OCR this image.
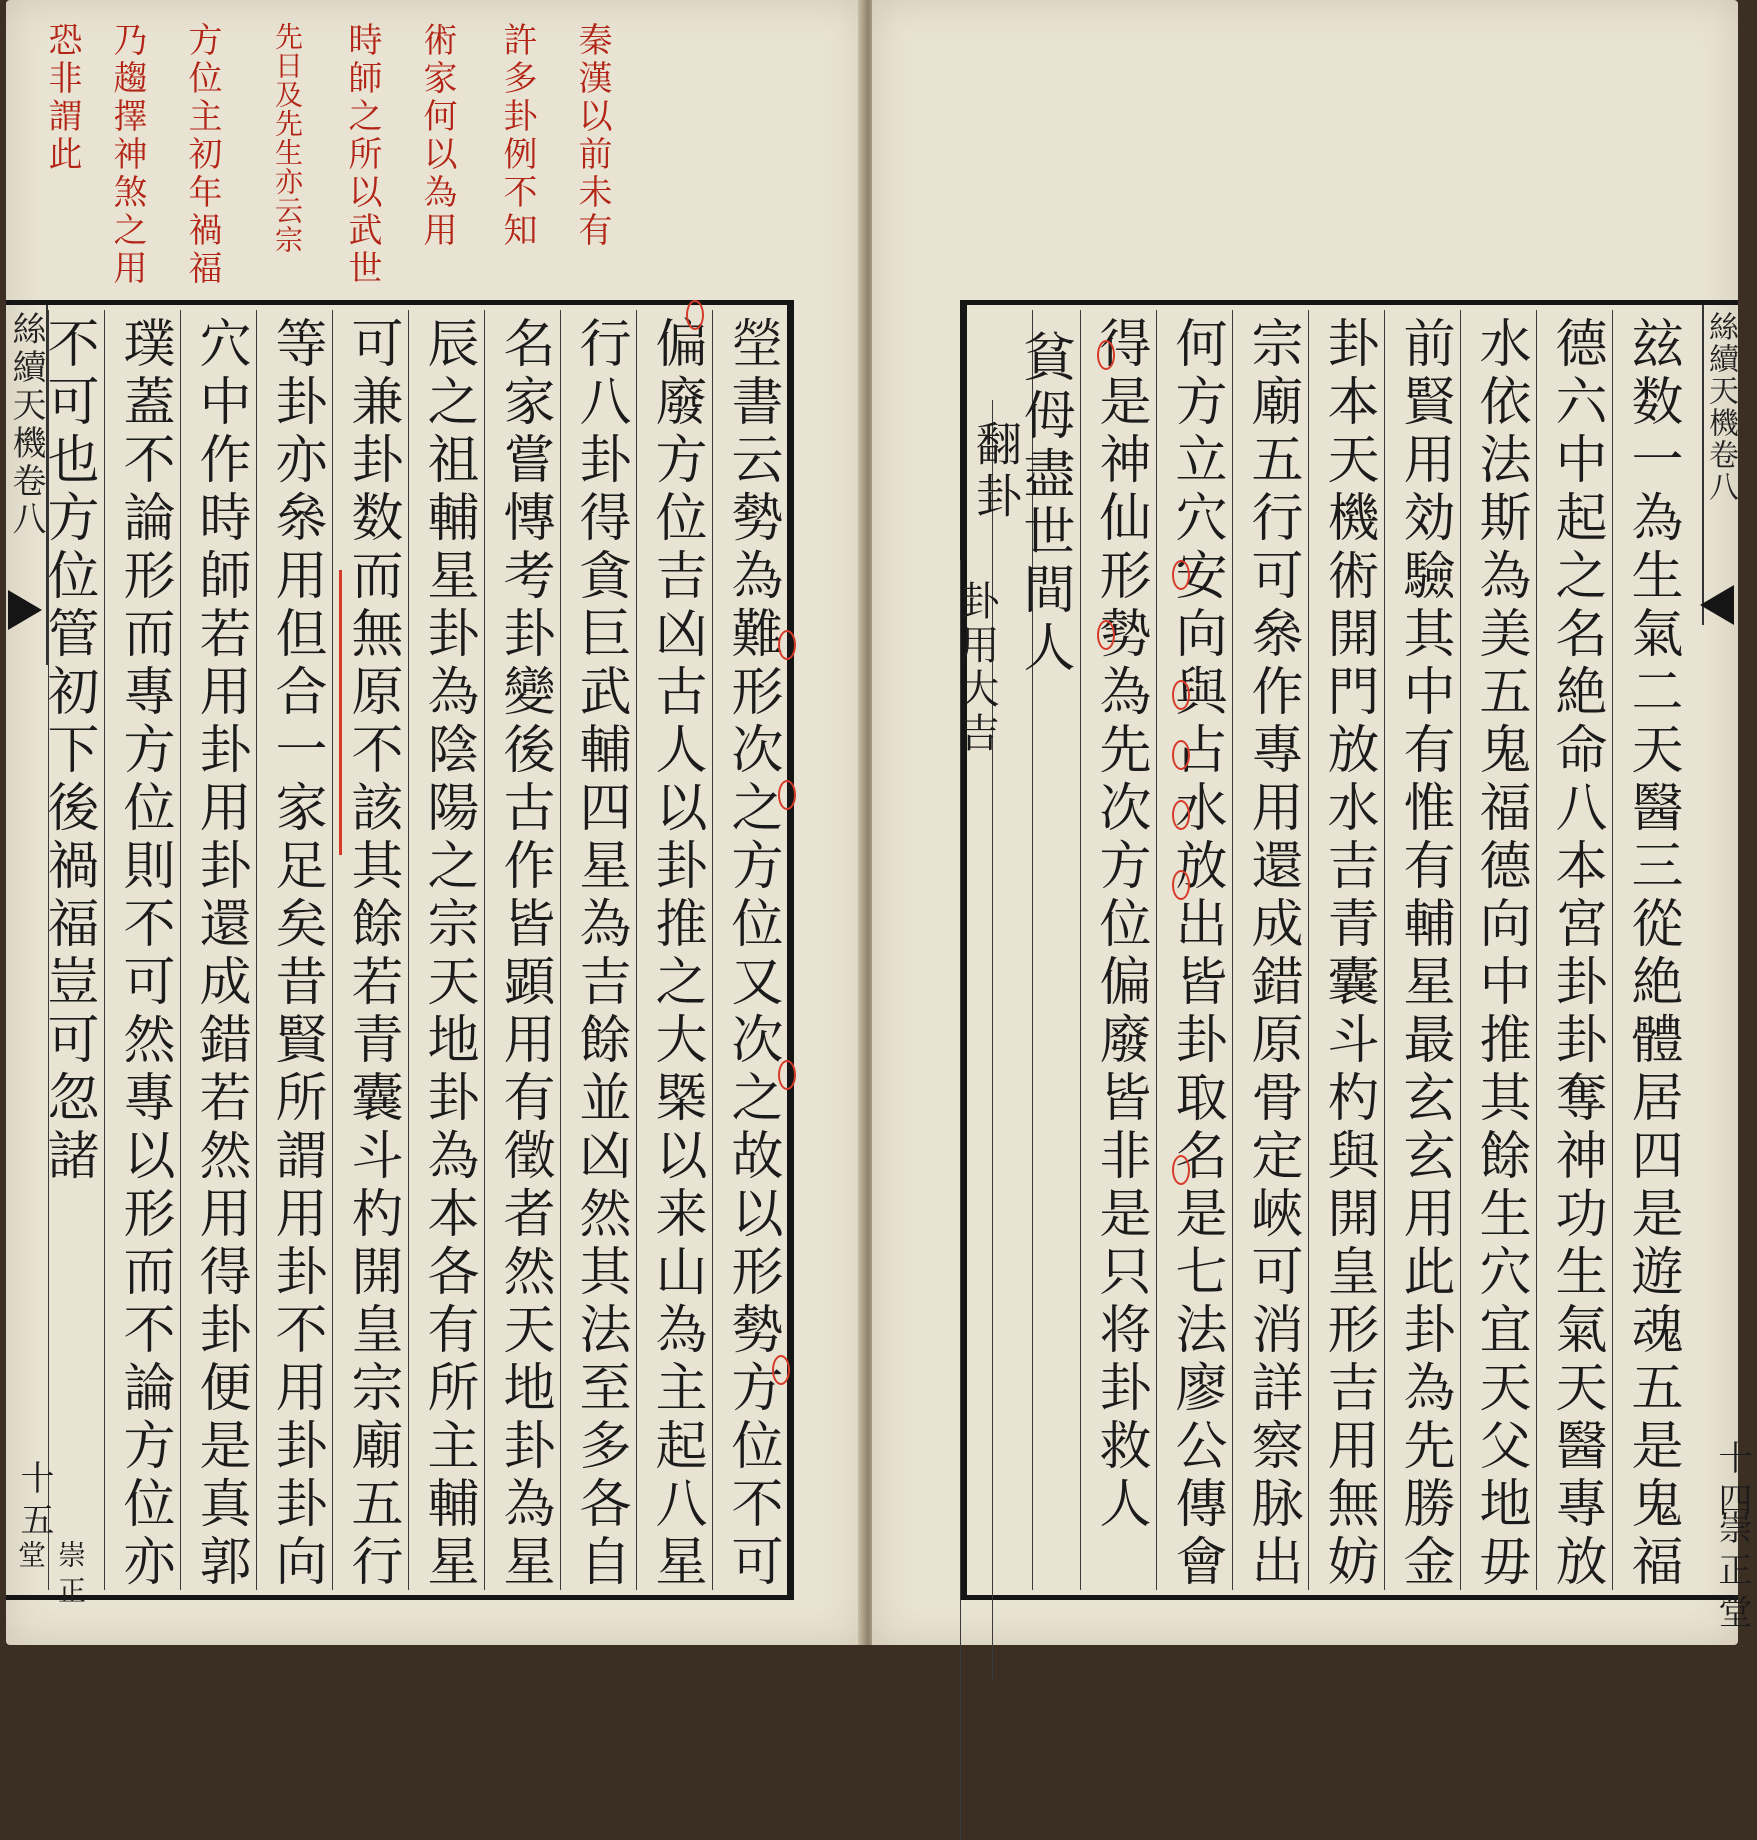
秦漢以前未有
許多卦例不知
術家何以為用
時師之所以武世
先日及先生亦云宗
方位主初年禍福
乃趨擇神煞之用
恐非謂此
絲續天機卷八	塋書云勢為難形次之方位又次之故以形勢方位不可
偏廢方位吉凶古人以卦推之大槩以来山為主起八星
行八卦得貪巨武輔四星為吉餘並凶然其法至多各自
名家嘗慱考卦變後古作皆顕用有徵者然天地卦為星
辰之祖輔星卦為陰陽之宗天地卦為本各有所主輔星
可兼卦数而無原不該其餘若青囊斗杓開皇宗廟五行
等卦亦㕘用但合一家足矣昔賢所謂用卦不用卦卦向
穴中作時師若用卦用卦還成錯若然用得卦便是真郭
璞蓋不論形而專方位則不可然專以形而不論方位亦
不可也方位管初下後禍福豈可忽諸
十五
崇正堂
絲續天機卷八
玆数一為生氣二天醫三從絶體居四是遊魂五是鬼福
德六中起之名絶命八本宮卦卦奪神功生氣天醫專放
水依法斯為美五鬼福德向中推其餘生穴宜天父地毋
前賢用効驗其中有惟有輔星最玄玄用此卦為先勝金
卦本天機術開門放水吉青囊斗杓與開皇形吉用無妨
宗廟五行可㕘作專用還成錯原骨定峽可消詳察脉出
何方立穴安向與占水放出皆卦取名是七法廖公傳會
得是神仙形勢為先次方位偏廢皆非是只将卦救人
貧㑄盡世間人
翻卦
卦用大吉
十四
崇正堂
